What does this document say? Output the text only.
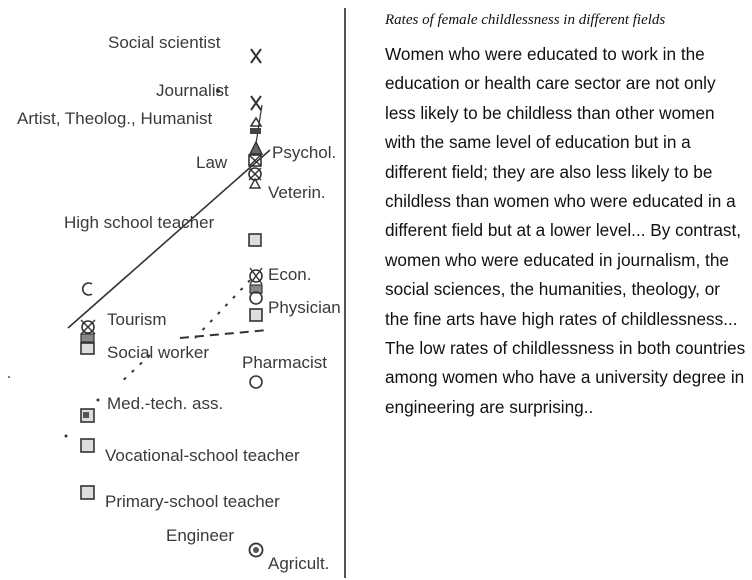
Social scientist
Journalist
Artist, Theolog., Humanist
Psychol.
Law
Veterin.
High school teacher
Econ.
Physician
Tourism
Social worker
Pharmacist
Med.-tech. ass.
Vocational-school teacher
Primary-school teacher
Engineer
Agricult.

Rates of female childlessness in different fields

Women who were educated to work in the education or health care sector are not only less likely to be childless than other women with the same level of education but in a different field; they are also less likely to be childless than women who were educated in a different field but at a lower level... By contrast, women who were educated in journalism, the social sciences, the humanities, theology, or the fine arts have high rates of childlessness... The low rates of childlessness in both countries among women who have a university degree in engineering are surprising..
